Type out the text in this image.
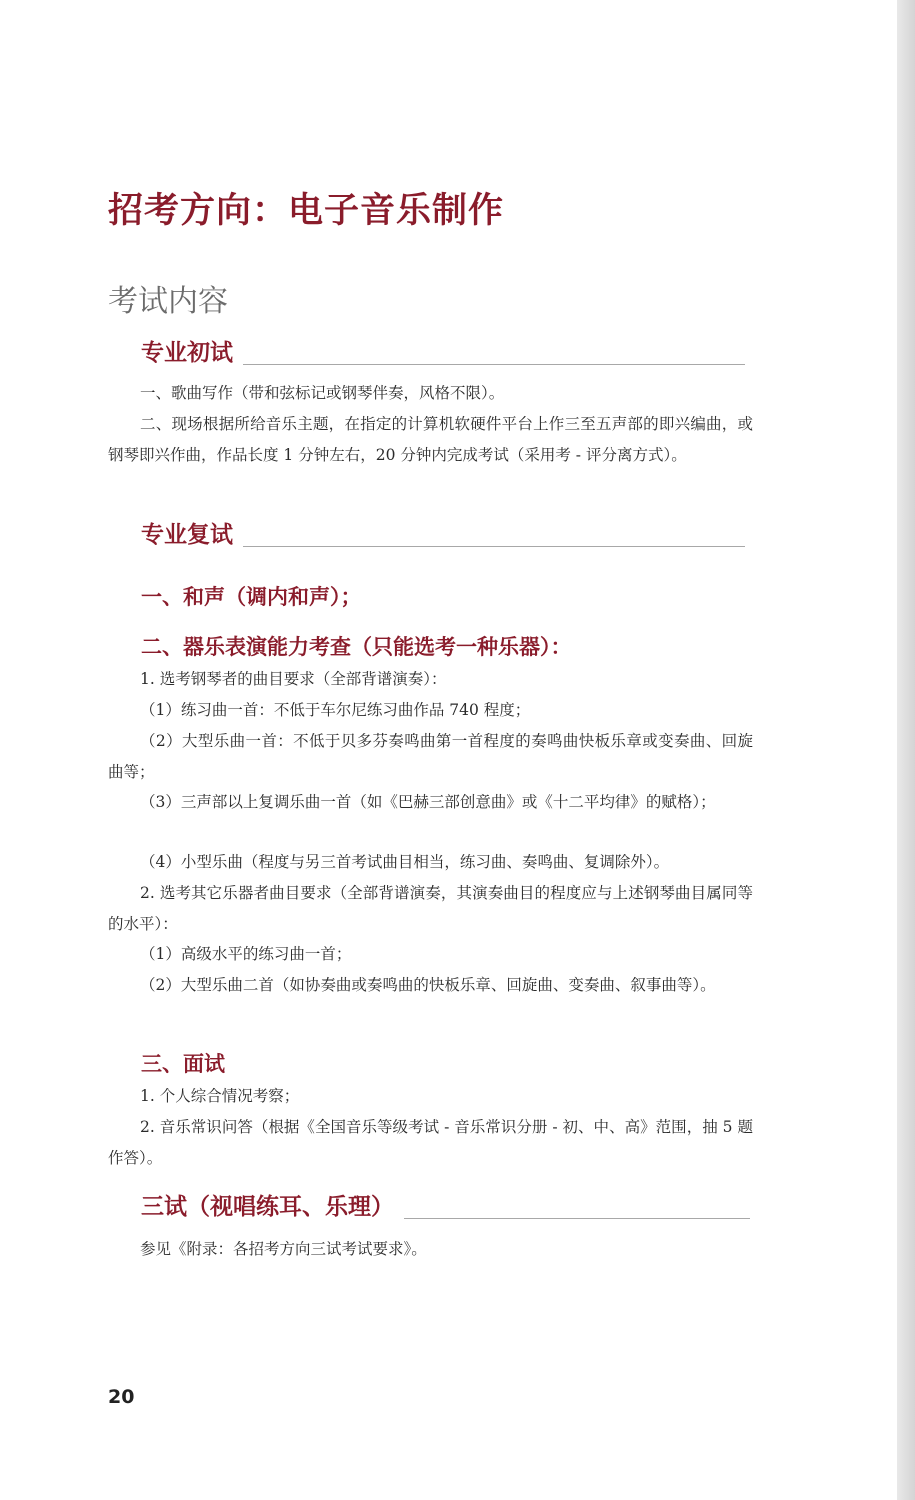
招考方向：电子音乐制作
考试内容
专业初试

一、歌曲写作（带和弦标记或钢琴伴奏，风格不限）。

二、现场根据所给音乐主题，在指定的计算机软硬件平台上作三至五声部的即兴编曲，或钢琴即兴作曲，作品长度 1 分钟左右，20 分钟内完成考试（采用考 - 评分离方式）。

专业复试
一、和声（调内和声）；
二、器乐表演能力考查（只能选考一种乐器）：

1. 选考钢琴者的曲目要求（全部背谱演奏）：

（1）练习曲一首：不低于车尔尼练习曲作品 740 程度；

（2）大型乐曲一首：不低于贝多芬奏鸣曲第一首程度的奏鸣曲快板乐章或变奏曲、回旋曲等；

（3）三声部以上复调乐曲一首（如《巴赫三部创意曲》或《十二平均律》的赋格）；

（4）小型乐曲（程度与另三首考试曲目相当，练习曲、奏鸣曲、复调除外）。

2. 选考其它乐器者曲目要求（全部背谱演奏，其演奏曲目的程度应与上述钢琴曲目属同等的水平）：

（1）高级水平的练习曲一首；

（2）大型乐曲二首（如协奏曲或奏鸣曲的快板乐章、回旋曲、变奏曲、叙事曲等）。

三、面试

1. 个人综合情况考察；

2. 音乐常识问答（根据《全国音乐等级考试 - 音乐常识分册 - 初、中、高》范围，抽 5 题作答）。

三试（视唱练耳、乐理）

参见《附录：各招考方向三试考试要求》。

20
